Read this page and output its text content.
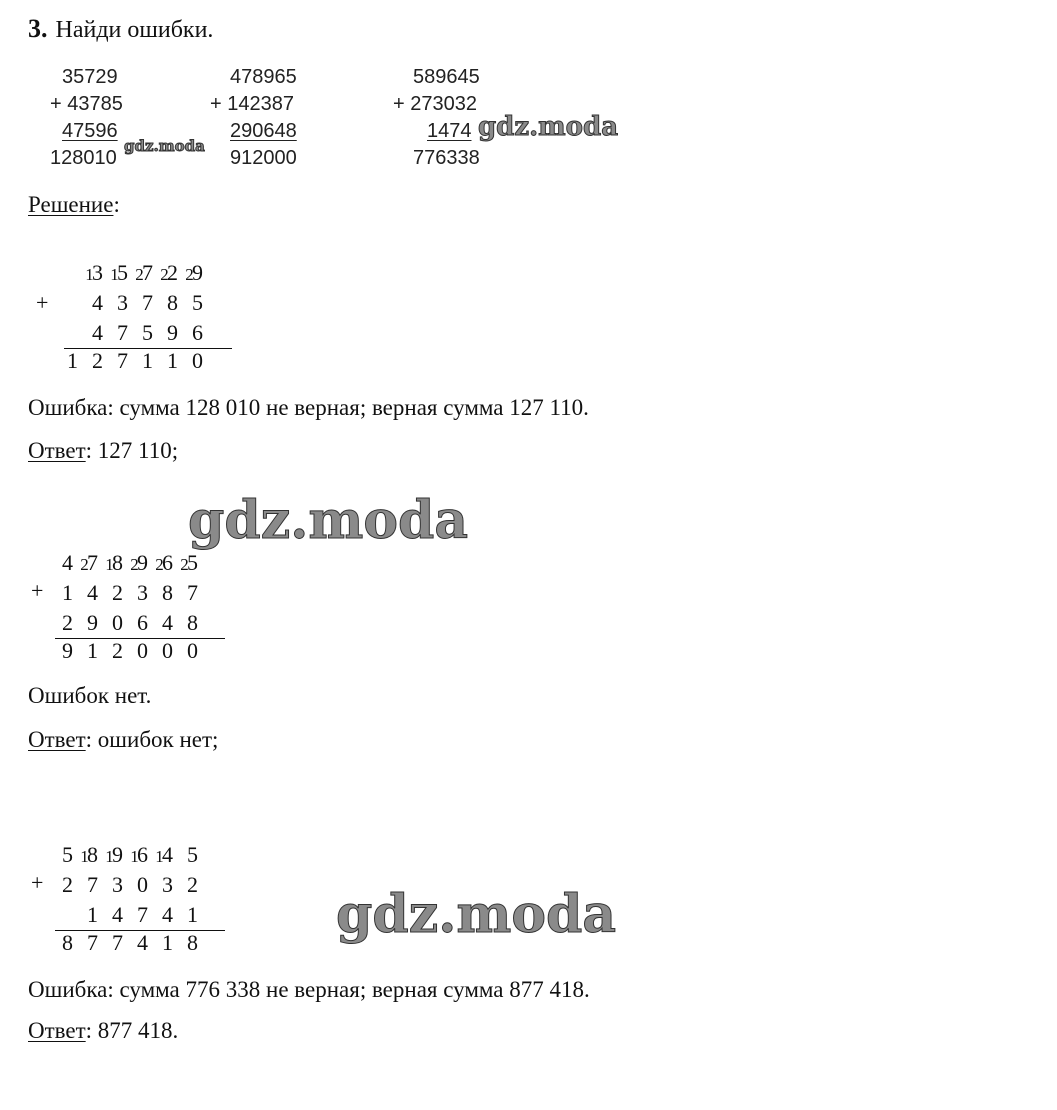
3. Найди ошибки.
35729
+ 43785
47596
128010
478965
+ 142387
290648
912000
589645
+ 273032
1474
776338
Решение:

1 1 2 2 2

3 5 7 2 9
+	4 3 7 8 5
4 7 5 9 6
1 2 7 1 1 0
Ошибка: сумма 128 010 не верная; верная сумма 127 110.
Ответ: 127 110;

2 1 2 2 2

4 7 8 9 6 5
+ 1 4 2 3 8 7
2 9 0 6 4 8
9 1 2 0 0 0
Ошибок нет.
Ответ: ошибок нет;

1 1 1 1

5 8 9 6 4 5
+ 2 7 3 0 3 2
1 4 7 4 1
8 7 7 4 1 8
Ошибка: сумма 776 338 не верная; верная сумма 877 418.
Ответ: 877 418.
gdz.moda
gdz.moda
gdz.moda
gdz.moda
